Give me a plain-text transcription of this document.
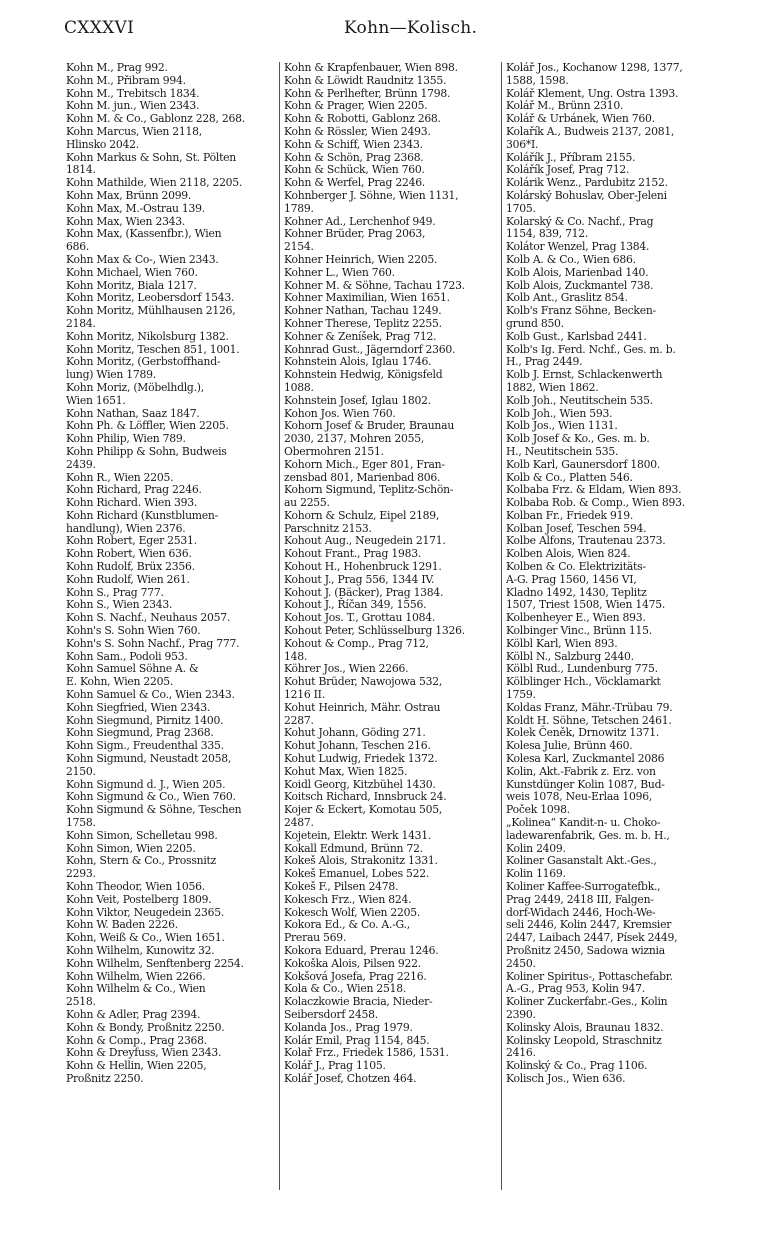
CXXXVI	Kohn—Kolisch.
Kohn M., Prag 992.
Kohn M., Přibram 994.
Kohn M., Trebitsch 1834.
Kohn M. jun., Wien 2343.
Kohn M. & Co., Gablonz 228, 268.
Kohn Marcus, Wien 2118,
Hlinsko 2042.
Kohn Markus & Sohn, St. Pölten
1814.
Kohn Mathilde, Wien 2118, 2205.
Kohn Max, Brünn 2099.
Kohn Max, M.-Ostrau 139.
Kohn Max, Wien 2343.
Kohn Max, (Kassenfbr.), Wien
686.
Kohn Max & Co-, Wien 2343.
Kohn Michael, Wien 760.
Kohn Moritz, Biala 1217.
Kohn Moritz, Leobersdorf 1543.
Kohn Moritz, Mühlhausen 2126,
2184.
Kohn Moritz, Nikolsburg 1382.
Kohn Moritz, Teschen 851, 1001.
Kohn Moritz, (Gerbstoffhand-
lung) Wien 1789.
Kohn Moriz, (Möbelhdlg.),
Wien 1651.
Kohn Nathan, Saaz 1847.
Kohn Ph. & Löffler, Wien 2205.
Kohn Philip, Wien 789.
Kohn Philipp & Sohn, Budweis
2439.
Kohn R., Wien 2205.
Kohn Richard, Prag 2246.
Kohn Richard. Wien 393.
Kohn Richard (Kunstblumen-
handlung), Wien 2376.
Kohn Robert, Eger 2531.
Kohn Robert, Wien 636.
Kohn Rudolf, Brüx 2356.
Kohn Rudolf, Wien 261.
Kohn S., Prag 777.
Kohn S., Wien 2343.
Kohn S. Nachf., Neuhaus 2057.
Kohn's S. Sohn Wien 760.
Kohn's S. Sohn Nachf., Prag 777.
Kohn Sam., Podoli 953.
Kohn Samuel Söhne A. &
E. Kohn, Wien 2205.
Kohn Samuel & Co., Wien 2343.
Kohn Siegfried, Wien 2343.
Kohn Siegmund, Pirnitz 1400.
Kohn Siegmund, Prag 2368.
Kohn Sigm., Freudenthal 335.
Kohn Sigmund, Neustadt 2058,
2150.
Kohn Sigmund d. J., Wien 205.
Kohn Sigmund & Co., Wien 760.
Kohn Sigmund & Söhne, Teschen
1758.
Kohn Simon, Schelletau 998.
Kohn Simon, Wien 2205.
Kohn, Stern & Co., Prossnitz
2293.
Kohn Theodor, Wien 1056.
Kohn Veit, Postelberg 1809.
Kohn Viktor, Neugedein 2365.
Kohn W. Baden 2226.
Kohn, Weiß & Co., Wien 1651.
Kohn Wilhelm, Kunowitz 32.
Kohn Wilhelm, Senftenberg 2254.
Kohn Wilhelm, Wien 2266.
Kohn Wilhelm & Co., Wien
2518.
Kohn & Adler, Prag 2394.
Kohn & Bondy, Proßnitz 2250.
Kohn & Comp., Prag 2368.
Kohn & Dreyfuss, Wien 2343.
Kohn & Hellin, Wien 2205,
Proßnitz 2250.
Kohn & Krapfenbauer, Wien 898.
Kohn & Löwidt Raudnitz 1355.
Kohn & Perlhefter, Brünn 1798.
Kohn & Prager, Wien 2205.
Kohn & Robotti, Gablonz 268.
Kohn & Rössler, Wien 2493.
Kohn & Schiff, Wien 2343.
Kohn & Schön, Prag 2368.
Kohn & Schück, Wien 760.
Kohn & Werfel, Prag 2246.
Kohnberger J. Söhne, Wien 1131,
1789.
Kohner Ad., Lerchenhof 949.
Kohner Brüder, Prag 2063,
2154.
Kohner Heinrich, Wien 2205.
Kohner L., Wien 760.
Kohner M. & Söhne, Tachau 1723.
Kohner Maximilian, Wien 1651.
Kohner Nathan, Tachau 1249.
Kohner Therese, Teplitz 2255.
Kohner & Zeníšek, Prag 712.
Kohnrad Gust., Jägerndorf 2360.
Kohnstein Alois, Iglau 1746.
Kohnstein Hedwig, Königsfeld
1088.
Kohnstein Josef, Iglau 1802.
Kohon Jos. Wien 760.
Kohorn Josef & Bruder, Braunau
2030, 2137, Mohren 2055,
Obermohren 2151.
Kohorn Mich., Eger 801, Fran-
zensbad 801, Marienbad 806.
Kohorn Sigmund, Teplitz-Schön-
au 2255.
Kohorn & Schulz, Eipel 2189,
Parschnitz 2153.
Kohout Aug., Neugedein 2171.
Kohout Frant., Prag 1983.
Kohout H., Hohenbruck 1291.
Kohout J., Prag 556, 1344 IV.
Kohout J. (Bäcker), Prag 1384.
Kohout J., Říčan 349, 1556.
Kohout Jos. T., Grottau 1084.
Kohout Peter, Schlüsselburg 1326.
Kohout & Comp., Prag 712,
148.
Köhrer Jos., Wien 2266.
Kohut Brüder, Nawojowa 532,
1216 II.
Kohut Heinrich, Mähr. Ostrau
2287.
Kohut Johann, Göding 271.
Kohut Johann, Teschen 216.
Kohut Ludwig, Friedek 1372.
Kohut Max, Wien 1825.
Koidl Georg, Kitzbühel 1430.
Koitsch Richard, Innsbruck 24.
Kojer & Eckert, Komotau 505,
2487.
Kojetein, Elektr. Werk 1431.
Kokall Edmund, Brünn 72.
Kokeš Alois, Strakonitz 1331.
Kokeš Emanuel, Lobes 522.
Kokeš F., Pilsen 2478.
Kokesch Frz., Wien 824.
Kokesch Wolf, Wien 2205.
Kokora Ed., & Co. A.-G.,
Prerau 569.
Kokora Eduard, Prerau 1246.
Kokoška Alois, Pilsen 922.
Kokšová Josefa, Prag 2216.
Kola & Co., Wien 2518.
Kolaczkowie Bracia, Nieder-
Seibersdorf 2458.
Kolanda Jos., Prag 1979.
Kolár Emil, Prag 1154, 845.
Kolař Frz., Friedek 1586, 1531.
Kolář J., Prag 1105.
Kolář Josef, Chotzen 464.
Kolář Jos., Kochanow 1298, 1377,
1588, 1598.
Kolář Klement, Ung. Ostra 1393.
Kolář M., Brünn 2310.
Kolář & Urbánek, Wien 760.
Kolařík A., Budweis 2137, 2081,
306*I.
Kolářík J., Příbram 2155.
Kolářík Josef, Prag 712.
Kolárik Wenz., Pardubitz 2152.
Kolárský Bohuslav, Ober-Jeleni
1705.
Kolarský & Co. Nachf., Prag
1154, 839, 712.
Kolátor Wenzel, Prag 1384.
Kolb A. & Co., Wien 686.
Kolb Alois, Marienbad 140.
Kolb Alois, Zuckmantel 738.
Kolb Ant., Graslitz 854.
Kolb's Franz Söhne, Becken-
grund 850.
Kolb Gust., Karlsbad 2441.
Kolb's Ig. Ferd. Nchf., Ges. m. b.
H., Prag 2449.
Kolb J. Ernst, Schlackenwerth
1882, Wien 1862.
Kolb Joh., Neutitschein 535.
Kolb Joh., Wien 593.
Kolb Jos., Wien 1131.
Kolb Josef & Ko., Ges. m. b.
H., Neutitschein 535.
Kolb Karl, Gaunersdorf 1800.
Kolb & Co., Platten 546.
Kolbaba Frz. & Eldam, Wien 893.
Kolbaba Rob. & Comp., Wien 893.
Kolban Fr., Friedek 919.
Kolban Josef, Teschen 594.
Kolbe Alfons, Trautenau 2373.
Kolben Alois, Wien 824.
Kolben & Co. Elektrizitäts-
A-G. Prag 1560, 1456 VI,
Kladno 1492, 1430, Teplitz
1507, Triest 1508, Wien 1475.
Kolbenheyer E., Wien 893.
Kolbinger Vinc., Brünn 115.
Kölbl Karl, Wien 893.
Kölbl N., Salzburg 2440.
Kölbl Rud., Lundenburg 775.
Kölblinger Hch., Vöcklamarkt
1759.
Koldas Franz, Mähr.-Trübau 79.
Koldt H. Söhne, Tetschen 2461.
Kolek Čeněk, Drnowitz 1371.
Kolesa Julie, Brünn 460.
Kolesa Karl, Zuckmantel 2086
Kolin, Akt.-Fabrik z. Erz. von
Kunstdünger Kolin 1087, Bud-
weis 1078, Neu-Erlaa 1096,
Poček 1098.
„Kolinea“ Kandit-n- u. Choko-
ladewarenfabrik, Ges. m. b. H.,
Kolin 2409.
Koliner Gasanstalt Akt.-Ges.,
Kolin 1169.
Koliner Kaffee-Surrogatefbk.,
Prag 2449, 2418 III, Falgen-
dorf-Widach 2446, Hoch-We-
seli 2446, Kolin 2447, Kremsier
2447, Laibach 2447, Písek 2449,
Proßnitz 2450, Sadowa wiznia
2450.
Koliner Spiritus-, Pottaschefabr.
A.-G., Prag 953, Kolin 947.
Koliner Zuckerfabr.-Ges., Kolin
2390.
Kolinsky Alois, Braunau 1832.
Kolinsky Leopold, Straschnitz
2416.
Kolinský & Co., Prag 1106.
Kolisch Jos., Wien 636.
